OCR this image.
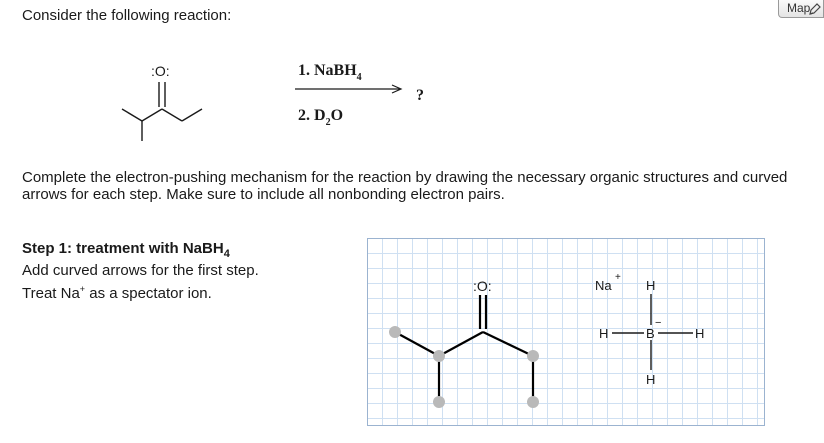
Consider the following reaction:	Map
:O:	1. NaBH$_4$
2. $D_2O$
?
Complete the electron-pushing mechanism for the reaction by drawing the necessary organic structures and curved arrows for each step. Make sure to include all nonbonding electron pairs.
Step 1: treatment with NaBH$_4$
Add curved arrows for the first step.
Treat Na+ as a spectator ion.	:O:	Na
+
H
H	B
−
H
H
